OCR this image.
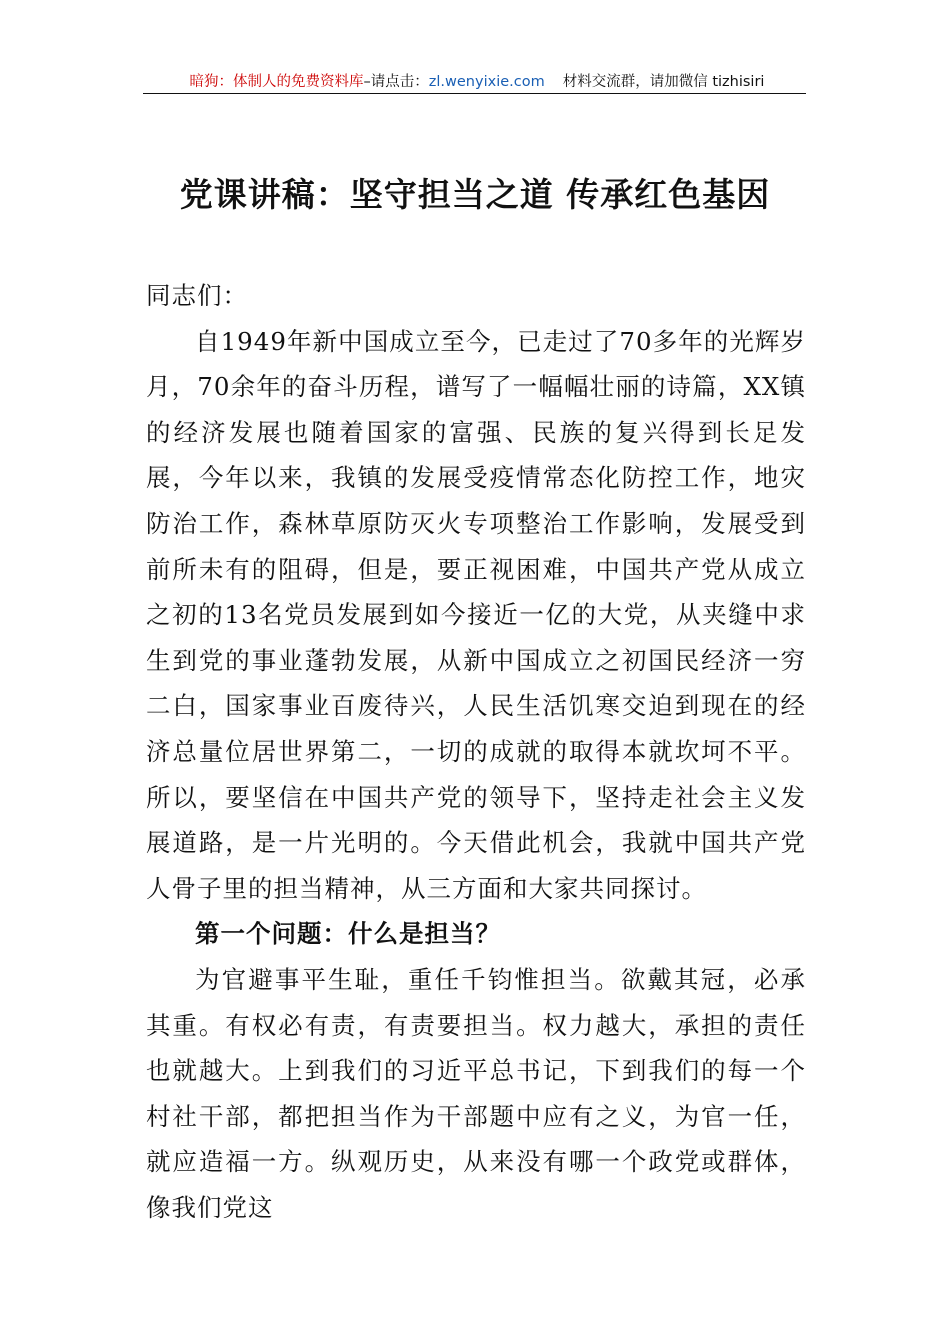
暗狗：体制人的免费资料库–请点击：zl.wenyixie.com 材料交流群，请加微信 tizhisiri
党课讲稿：坚守担当之道 传承红色基因

同志们：

自1949年新中国成立至今，已走过了70多年的光辉岁月，70余年的奋斗历程，谱写了一幅幅壮丽的诗篇，XX镇的经济发展也随着国家的富强、民族的复兴得到长足发展，今年以来，我镇的发展受疫情常态化防控工作，地灾防治工作，森林草原防灭火专项整治工作影响，发展受到前所未有的阻碍，但是，要正视困难，中国共产党从成立之初的13名党员发展到如今接近一亿的大党，从夹缝中求生到党的事业蓬勃发展，从新中国成立之初国民经济一穷二白，国家事业百废待兴，人民生活饥寒交迫到现在的经济总量位居世界第二，一切的成就的取得本就坎坷不平。所以，要坚信在中国共产党的领导下，坚持走社会主义发展道路，是一片光明的。今天借此机会，我就中国共产党人骨子里的担当精神，从三方面和大家共同探讨。

第一个问题：什么是担当？

为官避事平生耻，重任千钧惟担当。欲戴其冠，必承其重。有权必有责，有责要担当。权力越大，承担的责任也就越大。上到我们的习近平总书记，下到我们的每一个村社干部，都把担当作为干部题中应有之义，为官一任，就应造福一方。纵观历史，从来没有哪一个政党或群体，像我们党这
